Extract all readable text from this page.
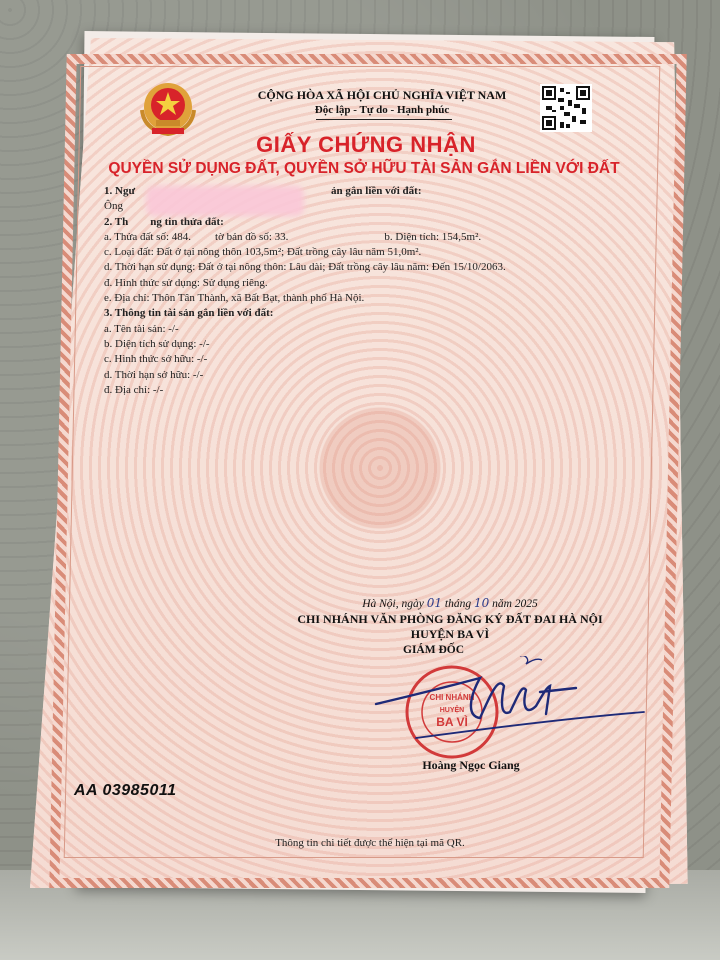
CỘNG HÒA XÃ HỘI CHỦ NGHĨA VIỆT NAM
Độc lập - Tự do - Hạnh phúc
GIẤY CHỨNG NHẬN
QUYỀN SỬ DỤNG ĐẤT, QUYỀN SỞ HỮU TÀI SẢN GẮN LIỀN VỚI ĐẤT
1. Ngư	ản gắn liền với đất:
Ông
2. Th ng tin thửa đất:
a. Thửa đất số: 484. tờ bản đồ số: 33.	b. Diện tích: 154,5m².
c. Loại đất: Đất ở tại nông thôn 103,5m²; Đất trồng cây lâu năm 51,0m².
d. Thời hạn sử dụng: Đất ở tại nông thôn: Lâu dài; Đất trồng cây lâu năm: Đến 15/10/2063.
đ. Hình thức sử dụng: Sử dụng riêng.
e. Địa chỉ: Thôn Tân Thành, xã Bất Bạt, thành phố Hà Nội.
3. Thông tin tài sản gắn liền với đất:
a. Tên tài sản: -/-
b. Diện tích sử dụng: -/-
c. Hình thức sở hữu: -/-
d. Thời hạn sở hữu: -/-
đ. Địa chỉ: -/-
Hà Nội, ngày 01 tháng 10 năm 2025
CHI NHÁNH VĂN PHÒNG ĐĂNG KÝ ĐẤT ĐAI HÀ NỘI
HUYỆN BA VÌ
GIÁM ĐỐC
CHI NHÁNH
HUYỆN
BA VÌ
Hoàng Ngọc Giang
AA 03985011
Thông tin chi tiết được thể hiện tại mã QR.
